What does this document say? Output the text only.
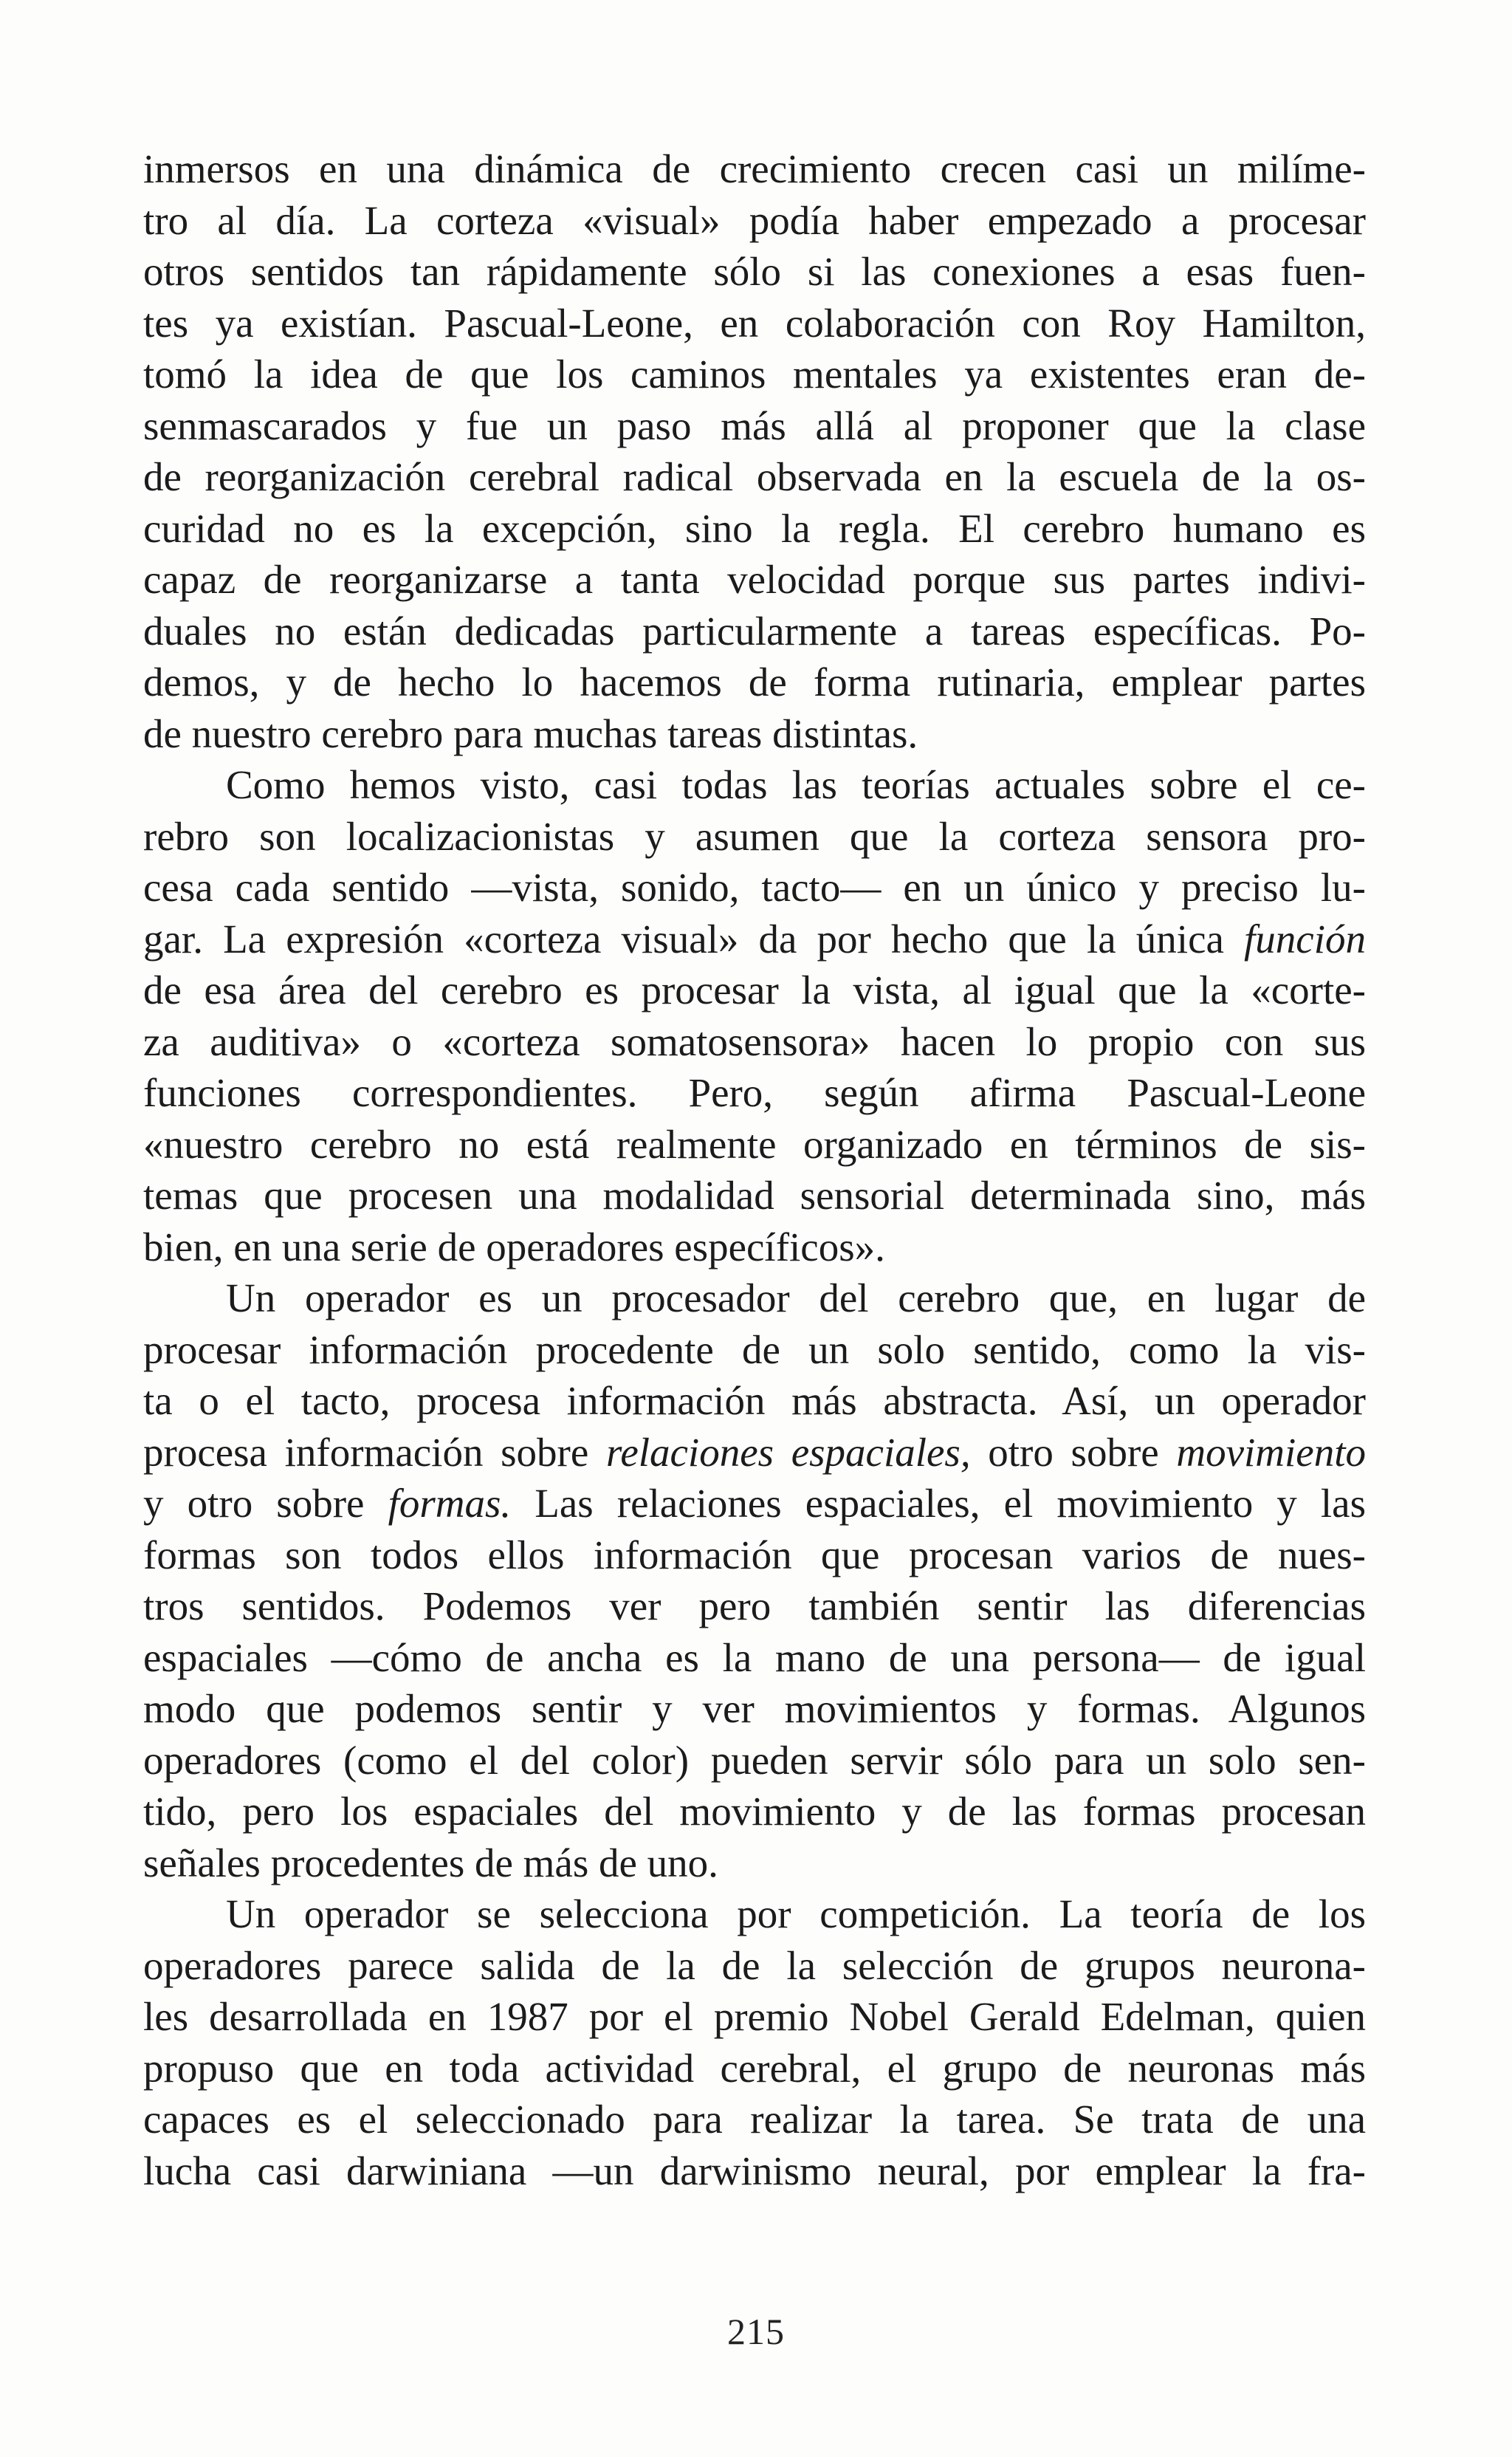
inmersos en una dinámica de crecimiento crecen casi un milíme-
tro al día. La corteza «visual» podía haber empezado a procesar
otros sentidos tan rápidamente sólo si las conexiones a esas fuen-
tes ya existían. Pascual-Leone, en colaboración con Roy Hamilton,
tomó la idea de que los caminos mentales ya existentes eran de-
senmascarados y fue un paso más allá al proponer que la clase
de reorganización cerebral radical observada en la escuela de la os-
curidad no es la excepción, sino la regla. El cerebro humano es
capaz de reorganizarse a tanta velocidad porque sus partes indivi-
duales no están dedicadas particularmente a tareas específicas. Po-
demos, y de hecho lo hacemos de forma rutinaria, emplear partes
de nuestro cerebro para muchas tareas distintas.

Como hemos visto, casi todas las teorías actuales sobre el ce-
rebro son localizacionistas y asumen que la corteza sensora pro-
cesa cada sentido —vista, sonido, tacto— en un único y preciso lu-
gar. La expresión «corteza visual» da por hecho que la única función
de esa área del cerebro es procesar la vista, al igual que la «corte-
za auditiva» o «corteza somatosensora» hacen lo propio con sus
funciones correspondientes. Pero, según afirma Pascual-Leone
«nuestro cerebro no está realmente organizado en términos de sis-
temas que procesen una modalidad sensorial determinada sino, más
bien, en una serie de operadores específicos».

Un operador es un procesador del cerebro que, en lugar de
procesar información procedente de un solo sentido, como la vis-
ta o el tacto, procesa información más abstracta. Así, un operador
procesa información sobre relaciones espaciales, otro sobre movimiento
y otro sobre formas. Las relaciones espaciales, el movimiento y las
formas son todos ellos información que procesan varios de nues-
tros sentidos. Podemos ver pero también sentir las diferencias
espaciales —cómo de ancha es la mano de una persona— de igual
modo que podemos sentir y ver movimientos y formas. Algunos
operadores (como el del color) pueden servir sólo para un solo sen-
tido, pero los espaciales del movimiento y de las formas procesan
señales procedentes de más de uno.

Un operador se selecciona por competición. La teoría de los
operadores parece salida de la de la selección de grupos neurona-
les desarrollada en 1987 por el premio Nobel Gerald Edelman, quien
propuso que en toda actividad cerebral, el grupo de neuronas más
capaces es el seleccionado para realizar la tarea. Se trata de una
lucha casi darwiniana —un darwinismo neural, por emplear la fra-

215
